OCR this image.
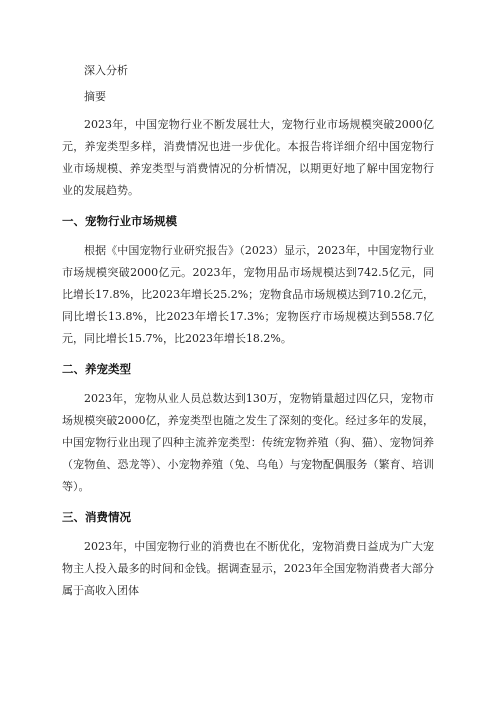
深入分析

摘要

2023年，中国宠物行业不断发展壮大，宠物行业市场规模突破2000亿元，养宠类型多样，消费情况也进一步优化。本报告将详细介绍中国宠物行业市场规模、养宠类型与消费情况的分析情况，以期更好地了解中国宠物行业的发展趋势。

一、宠物行业市场规模

根据《中国宠物行业研究报告》（2023）显示，2023年，中国宠物行业市场规模突破2000亿元。2023年，宠物用品市场规模达到742.5亿元，同比增长17.8%，比2023年增长25.2%；宠物食品市场规模达到710.2亿元，同比增长13.8%，比2023年增长17.3%；宠物医疗市场规模达到558.7亿元，同比增长15.7%，比2023年增长18.2%。

二、养宠类型

2023年，宠物从业人员总数达到130万，宠物销量超过四亿只，宠物市场规模突破2000亿，养宠类型也随之发生了深刻的变化。经过多年的发展，中国宠物行业出现了四种主流养宠类型：传统宠物养殖（狗、猫）、宠物饲养（宠物鱼、恐龙等）、小宠物养殖（兔、乌龟）与宠物配偶服务（繁育、培训等）。

三、消费情况

2023年，中国宠物行业的消费也在不断优化，宠物消费日益成为广大宠物主人投入最多的时间和金钱。据调查显示，2023年全国宠物消费者大部分属于高收入团体
